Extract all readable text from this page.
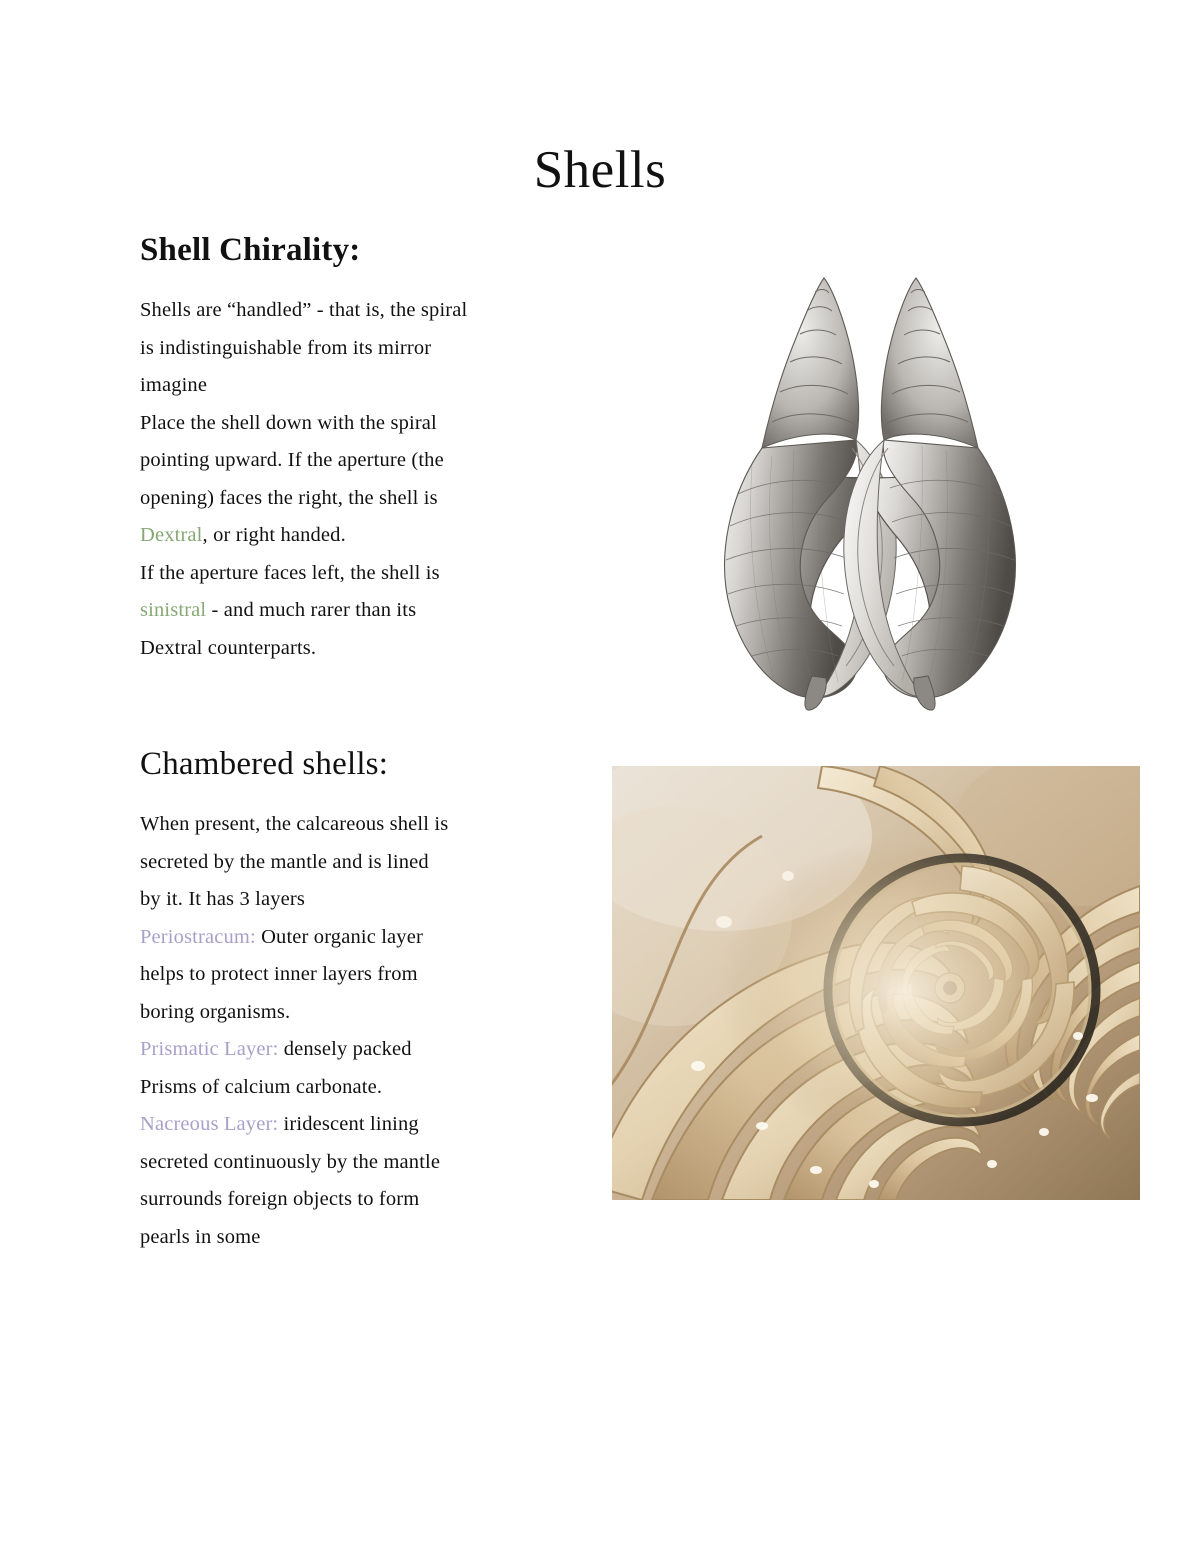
Shells
Shell Chirality:

Shells are “handled” - that is, the spiral

is indistinguishable from its mirror

imagine

Place the shell down with the spiral

pointing upward. If the aperture (the

opening) faces the right, the shell is

Dextral, or right handed.

If the aperture faces left, the shell is

sinistral - and much rarer than its

Dextral counterparts.

Chambered shells:

When present, the calcareous shell is

secreted by the mantle and is lined

by it. It has 3 layers

Periostracum: Outer organic layer

helps to protect inner layers from

boring organisms.

Prismatic Layer: densely packed

Prisms of calcium carbonate.

Nacreous Layer: iridescent lining

secreted continuously by the mantle

surrounds foreign objects to form

pearls in some
